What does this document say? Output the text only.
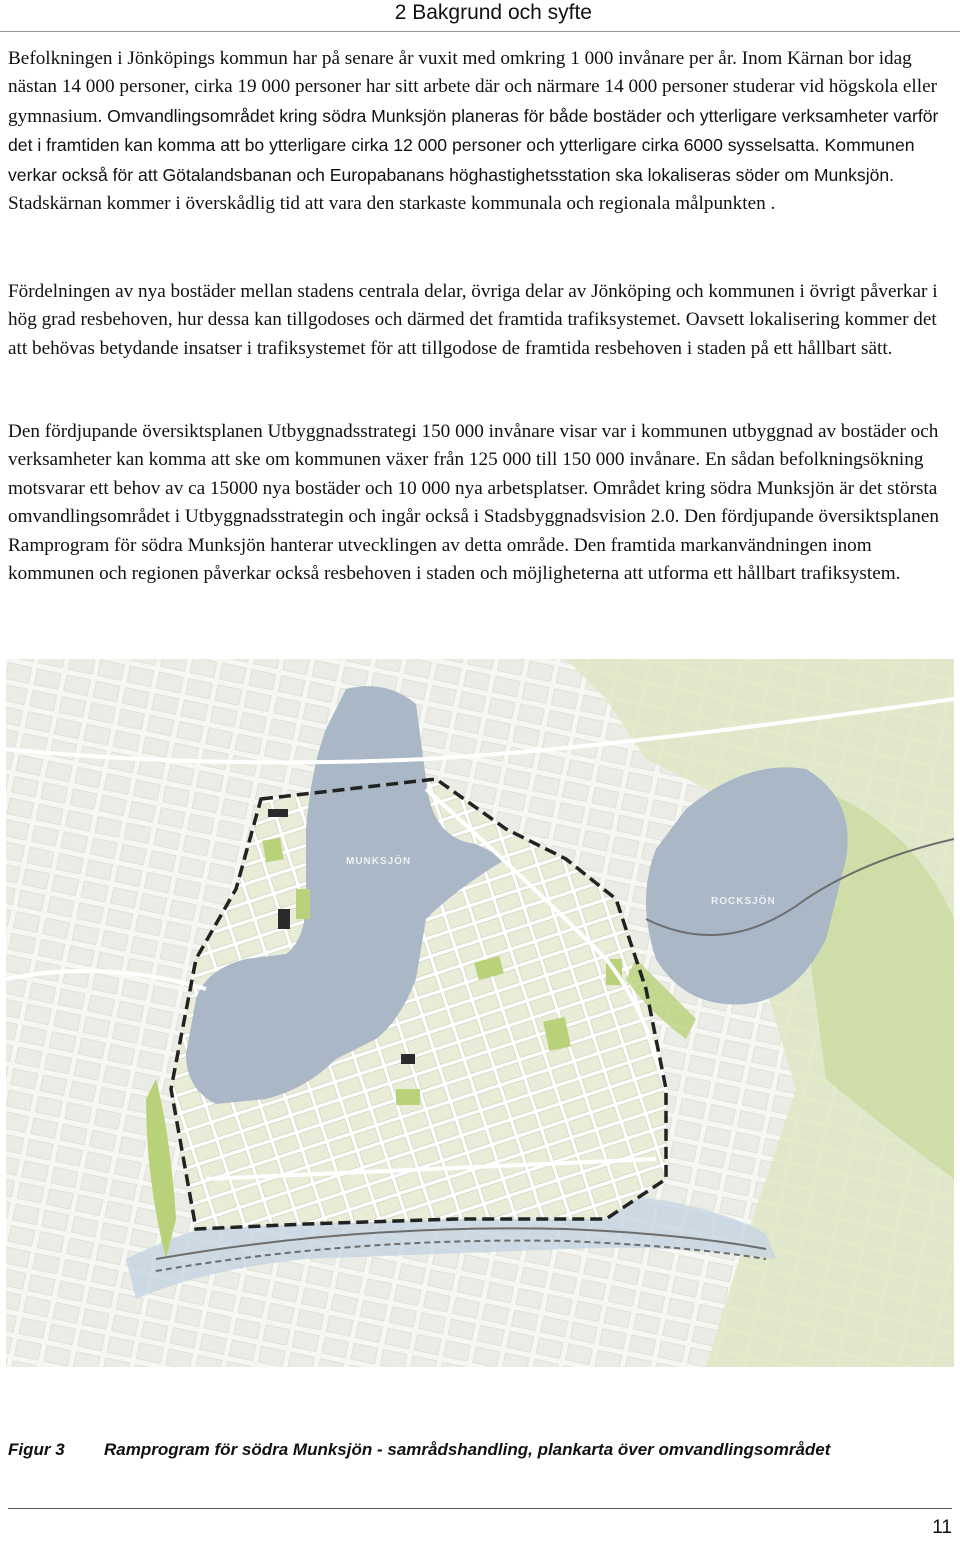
2 Bakgrund och syfte

Befolkningen i Jönköpings kommun har på senare år vuxit med omkring 1 000 invånare per år. Inom Kärnan bor idag nästan 14 000 personer, cirka 19 000 personer har sitt arbete där och närmare 14 000 personer studerar vid högskola eller gymnasium. Omvandlingsområdet kring södra Munksjön planeras för både bostäder och ytterligare verksamheter varför det i framtiden kan komma att bo ytterligare cirka 12 000 personer och ytterligare cirka 6000 sysselsatta. Kommunen verkar också för att Götalandsbanan och Europabanans höghastighetsstation ska lokaliseras söder om Munksjön. Stadskärnan kommer i överskådlig tid att vara den starkaste kommunala och regionala målpunkten .

Fördelningen av nya bostäder mellan stadens centrala delar, övriga delar av Jönköping och kommunen i övrigt påverkar i hög grad resbehoven, hur dessa kan tillgodoses och därmed det framtida trafiksystemet. Oavsett lokalisering kommer det att behövas betydande insatser i trafiksystemet för att tillgodose de framtida resbehoven i staden på ett hållbart sätt.

Den fördjupande översiktsplanen Utbyggnadsstrategi 150 000 invånare visar var i kommunen utbyggnad av bostäder och verksamheter kan komma att ske om kommunen växer från 125 000 till 150 000 invånare. En sådan befolkningsökning motsvarar ett behov av ca 15000 nya bostäder och 10 000 nya arbetsplatser. Området kring södra Munksjön är det största omvandlingsområdet i Utbyggnadsstrategin och ingår också i Stadsbyggnadsvision 2.0. Den fördjupande översiktsplanen Ramprogram för södra Munksjön hanterar utvecklingen av detta område. Den framtida markanvändningen inom kommunen och regionen påverkar också resbehoven i staden och möjligheterna att utforma ett hållbart trafiksystem.

MUNKSJÖN
ROCKSJÖN
Figur 3 Ramprogram för södra Munksjön - samrådshandling, plankarta över omvandlingsområdet
11
